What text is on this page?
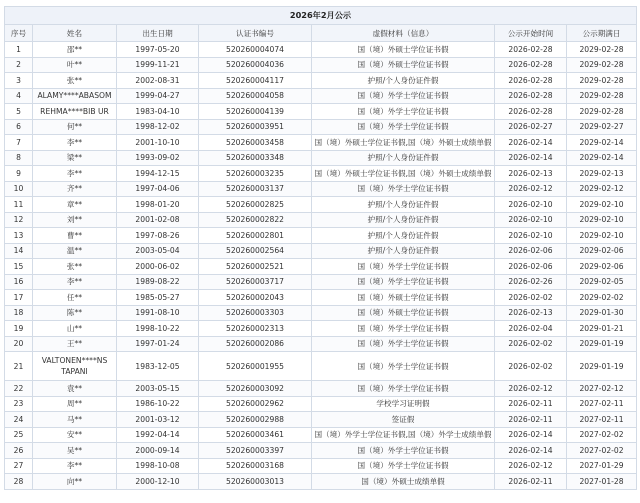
2026年2月公示						
序号	姓名	出生日期	认证书编号	虚假材料（信息）	公示开始时间	公示期满日
1	邵**	1997-05-20	520260004074	国（境）外硕士学位证书假	2026-02-28	2029-02-28
2	叶**	1999-11-21	520260004036	国（境）外硕士学位证书假	2026-02-28	2029-02-28
3	张**	2002-08-31	520260004117	护照/个人身份证件假	2026-02-28	2029-02-28
4	ALAMY****ABASOM	1999-04-27	520260004058	国（境）外学士学位证书假	2026-02-28	2029-02-28
5	REHMA****BIB UR	1983-04-10	520260004139	国（境）外学士学位证书假	2026-02-28	2029-02-28
6	何**	1998-12-02	520260003951	国（境）外学士学位证书假	2026-02-27	2029-02-27
7	李**	2001-10-10	520260003458	国（境）外硕士学位证书假,国（境）外硕士成绩单假	2026-02-14	2029-02-14
8	梁**	1993-09-02	520260003348	护照/个人身份证件假	2026-02-14	2029-02-14
9	李**	1994-12-15	520260003235	国（境）外硕士学位证书假,国（境）外硕士成绩单假	2026-02-13	2029-02-13
10	齐**	1997-04-06	520260003137	国（境）外学士学位证书假	2026-02-12	2029-02-12
11	章**	1998-01-20	520260002825	护照/个人身份证件假	2026-02-10	2029-02-10
12	刘**	2001-02-08	520260002822	护照/个人身份证件假	2026-02-10	2029-02-10
13	曹**	1997-08-26	520260002801	护照/个人身份证件假	2026-02-10	2029-02-10
14	温**	2003-05-04	520260002564	护照/个人身份证件假	2026-02-06	2029-02-06
15	张**	2000-06-02	520260002521	国（境）外学士学位证书假	2026-02-06	2029-02-06
16	李**	1989-08-22	520260003717	国（境）外学士学位证书假	2026-02-26	2029-02-05
17	任**	1985-05-27	520260002043	国（境）外硕士学位证书假	2026-02-02	2029-02-02
18	陈**	1991-08-10	520260003303	国（境）外硕士学位证书假	2026-02-13	2029-01-30
19	山**	1998-10-22	520260002313	国（境）外学士学位证书假	2026-02-04	2029-01-21
20	王**	1997-01-24	520260002086	国（境）外学士学位证书假	2026-02-02	2029-01-19
21	VALTONEN****NS
TAPANI	1983-12-05	520260001955	国（境）外学士学位证书假	2026-02-02	2029-01-19
22	袁**	2003-05-15	520260003092	国（境）外学士学位证书假	2026-02-12	2027-02-12
23	周**	1986-10-22	520260002962	学校学习证明假	2026-02-11	2027-02-11
24	马**	2001-03-12	520260002988	签证假	2026-02-11	2027-02-11
25	安**	1992-04-14	520260003461	国（境）外学士学位证书假,国（境）外学士成绩单假	2026-02-14	2027-02-02
26	吴**	2000-09-14	520260003397	国（境）外学士学位证书假	2026-02-14	2027-02-02
27	李**	1998-10-08	520260003168	国（境）外学士学位证书假	2026-02-12	2027-01-29
28	向**	2000-12-10	520260003013	国（境）外硕士成绩单假	2026-02-11	2027-01-28
